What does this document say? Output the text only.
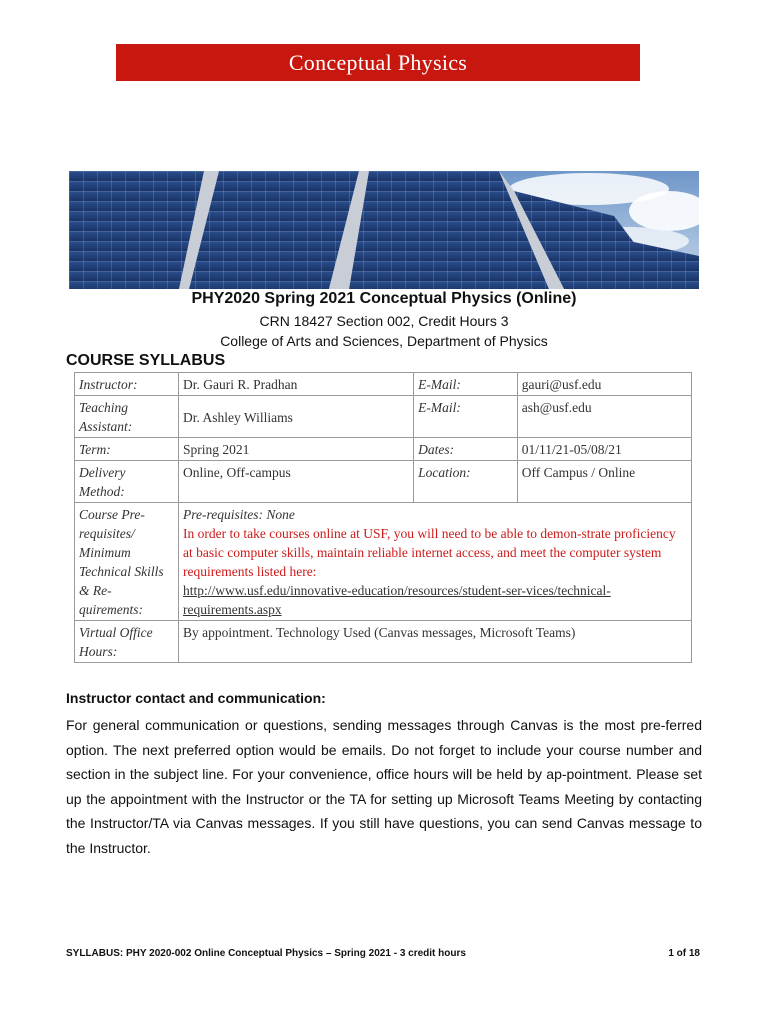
Conceptual Physics
PHY2020 Spring 2021 Conceptual Physics (Online)
CRN 18427 Section 002, Credit Hours 3
College of Arts and Sciences, Department of Physics
COURSE SYLLABUS
Instructor:	Dr. Gauri R. Pradhan	E-Mail:	gauri@usf.edu
Teaching Assistant:	Dr. Ashley Williams	E-Mail:	ash@usf.edu
Term:	Spring 2021	Dates:	01/11/21-05/08/21
Delivery Method:	Online, Off-campus	Location:	Off Campus / Online
Course Pre-requisites/ Minimum Technical Skills & Re-quirements:	Pre-requisites: None
In order to take courses online at USF, you will need to be able to demon-strate proficiency at basic computer skills, maintain reliable internet access, and meet the computer system requirements listed here:
http://www.usf.edu/innovative-education/resources/student-ser-vices/technical-requirements.aspx		

Virtual Office Hours:	By appointment. Technology Used (Canvas messages, Microsoft Teams)		
Instructor contact and communication:
For general communication or questions, sending messages through Canvas is the most pre-ferred option. The next preferred option would be emails. Do not forget to include your course number and section in the subject line. For your convenience, office hours will be held by ap-pointment. Please set up the appointment with the Instructor or the TA for setting up Microsoft Teams Meeting by contacting the Instructor/TA via Canvas messages. If you still have questions, you can send Canvas message to the Instructor.
SYLLABUS: PHY 2020-002 Online Conceptual Physics – Spring 2021 - 3 credit hours	1 of 18
